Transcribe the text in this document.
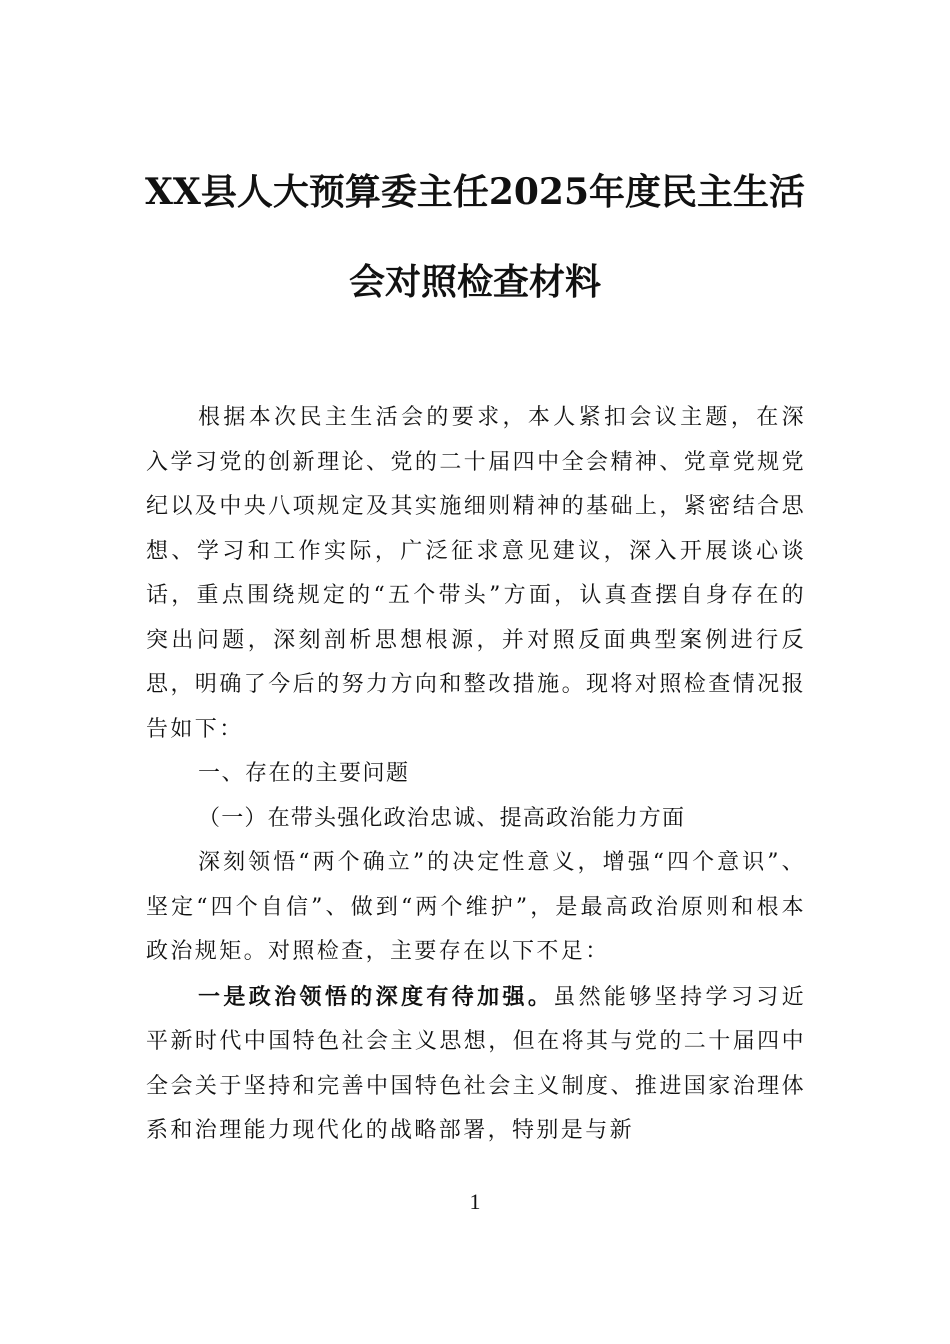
XX县人大预算委主任2025年度民主生活
会对照检查材料

根据本次民主生活会的要求，本人紧扣会议主题，在深入学习党的创新理论、党的二十届四中全会精神、党章党规党纪以及中央八项规定及其实施细则精神的基础上，紧密结合思想、学习和工作实际，广泛征求意见建议，深入开展谈心谈话，重点围绕规定的“五个带头”方面，认真查摆自身存在的突出问题，深刻剖析思想根源，并对照反面典型案例进行反思，明确了今后的努力方向和整改措施。现将对照检查情况报告如下：

一、存在的主要问题

（一）在带头强化政治忠诚、提高政治能力方面

深刻领悟“两个确立”的决定性意义，增强“四个意识”、坚定“四个自信”、做到“两个维护”，是最高政治原则和根本政治规矩。对照检查，主要存在以下不足：

一是政治领悟的深度有待加强。虽然能够坚持学习习近平新时代中国特色社会主义思想，但在将其与党的二十届四中全会关于坚持和完善中国特色社会主义制度、推进国家治理体系和治理能力现代化的战略部署，特别是与新

1
